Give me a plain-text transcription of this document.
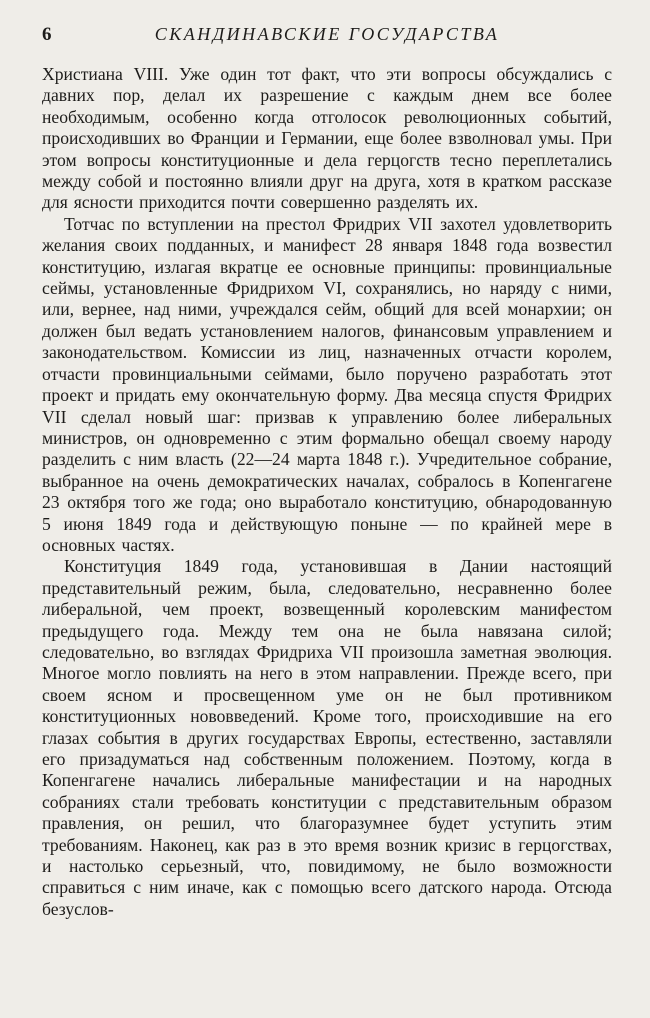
6	СКАНДИНАВСКИЕ ГОСУДАРСТВА

Христиана VIII. Уже один тот факт, что эти вопросы обсуждались с давних пор, делал их разрешение с каждым днем все более необходимым, особенно когда отголосок революционных событий, происходивших во Франции и Германии, еще более взволновал умы. При этом вопросы конституционные и дела герцогств тесно переплетались между собой и постоянно влияли друг на друга, хотя в кратком рассказе для ясности приходится почти совершенно разделять их.

Тотчас по вступлении на престол Фридрих VII захотел удовлетворить желания своих подданных, и манифест 28 января 1848 года возвестил конституцию, излагая вкратце ее основные принципы: провинциальные сеймы, установленные Фридрихом VI, сохранялись, но наряду с ними, или, вернее, над ними, учреждался сейм, общий для всей монархии; он должен был ведать установлением налогов, финансовым управлением и законодательством. Комиссии из лиц, назначенных отчасти королем, отчасти провинциальными сеймами, было поручено разработать этот проект и придать ему окончательную форму. Два месяца спустя Фридрих VII сделал новый шаг: призвав к управлению более либеральных министров, он одновременно с этим формально обещал своему народу разделить с ним власть (22—24 марта 1848 г.). Учредительное собрание, выбранное на очень демократических началах, собралось в Копенгагене 23 октября того же года; оно выработало конституцию, обнародованную 5 июня 1849 года и действующую поныне — по крайней мере в основных частях.

Конституция 1849 года, установившая в Дании настоящий представительный режим, была, следовательно, несравненно более либеральной, чем проект, возвещенный королевским манифестом предыдущего года. Между тем она не была навязана силой; следовательно, во взглядах Фридриха VII произошла заметная эволюция. Многое могло повлиять на него в этом направлении. Прежде всего, при своем ясном и просвещенном уме он не был противником конституционных нововведений. Кроме того, происходившие на его глазах события в других государствах Европы, естественно, заставляли его призадуматься над собственным положением. Поэтому, когда в Копенгагене начались либеральные манифестации и на народных собраниях стали требовать конституции с представительным образом правления, он решил, что благоразумнее будет уступить этим требованиям. Наконец, как раз в это время возник кризис в герцогствах, и настолько серьезный, что, повидимому, не было возможности справиться с ним иначе, как с помощью всего датского народа. Отсюда безуслов-
